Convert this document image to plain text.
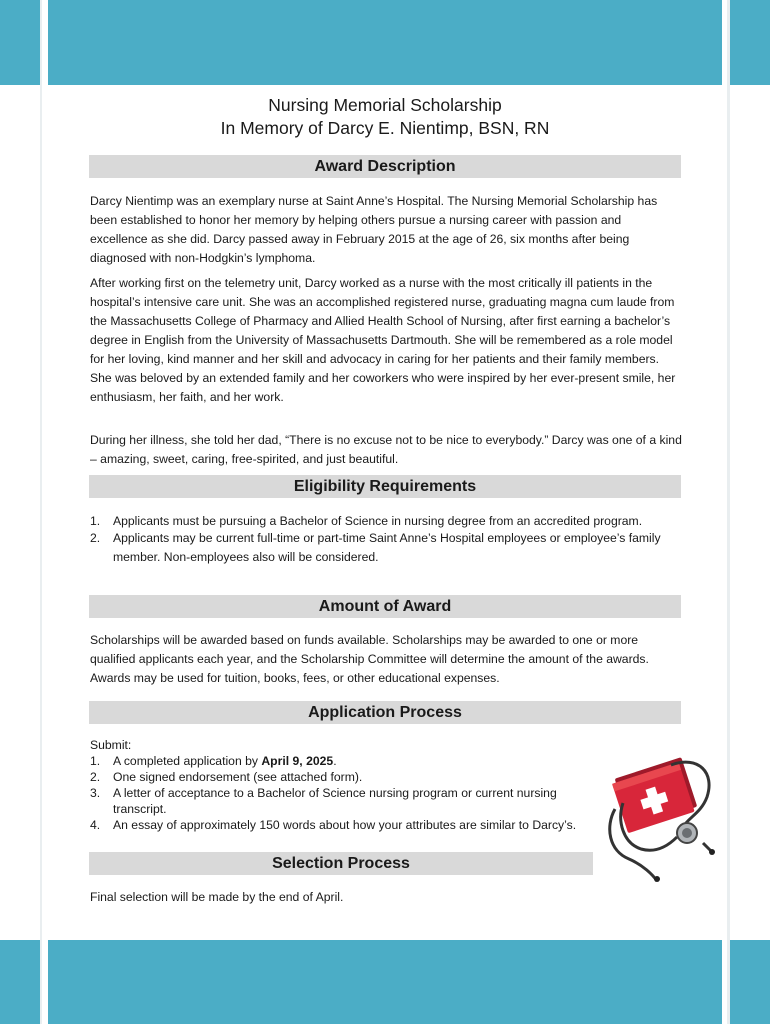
Nursing Memorial Scholarship
In Memory of Darcy E. Nientimp, BSN, RN
Award Description
Darcy Nientimp was an exemplary nurse at Saint Anne’s Hospital. The Nursing Memorial Scholarship has been established to honor her memory by helping others pursue a nursing career with passion and excellence as she did. Darcy passed away in February 2015 at the age of 26, six months after being diagnosed with non-Hodgkin’s lymphoma.
After working first on the telemetry unit, Darcy worked as a nurse with the most critically ill patients in the hospital’s intensive care unit. She was an accomplished registered nurse, graduating magna cum laude from the Massachusetts College of Pharmacy and Allied Health School of Nursing, after first earning a bachelor’s degree in English from the University of Massachusetts Dartmouth. She will be remembered as a role model for her loving, kind manner and her skill and advocacy in caring for her patients and their family members. She was beloved by an extended family and her coworkers who were inspired by her ever-present smile, her enthusiasm, her faith, and her work.
During her illness, she told her dad, “There is no excuse not to be nice to everybody.” Darcy was one of a kind – amazing, sweet, caring, free-spirited, and just beautiful.
Eligibility Requirements
1. Applicants must be pursuing a Bachelor of Science in nursing degree from an accredited program.
2. Applicants may be current full-time or part-time Saint Anne’s Hospital employees or employee’s family member. Non-employees also will be considered.
Amount of Award
Scholarships will be awarded based on funds available. Scholarships may be awarded to one or more qualified applicants each year, and the Scholarship Committee will determine the amount of the awards. Awards may be used for tuition, books, fees, or other educational expenses.
Application Process
Submit:
1. A completed application by April 9, 2025.
2. One signed endorsement (see attached form).
3. A letter of acceptance to a Bachelor of Science nursing program or current nursing transcript.
4. An essay of approximately 150 words about how your attributes are similar to Darcy’s.
Selection Process
Final selection will be made by the end of April.
